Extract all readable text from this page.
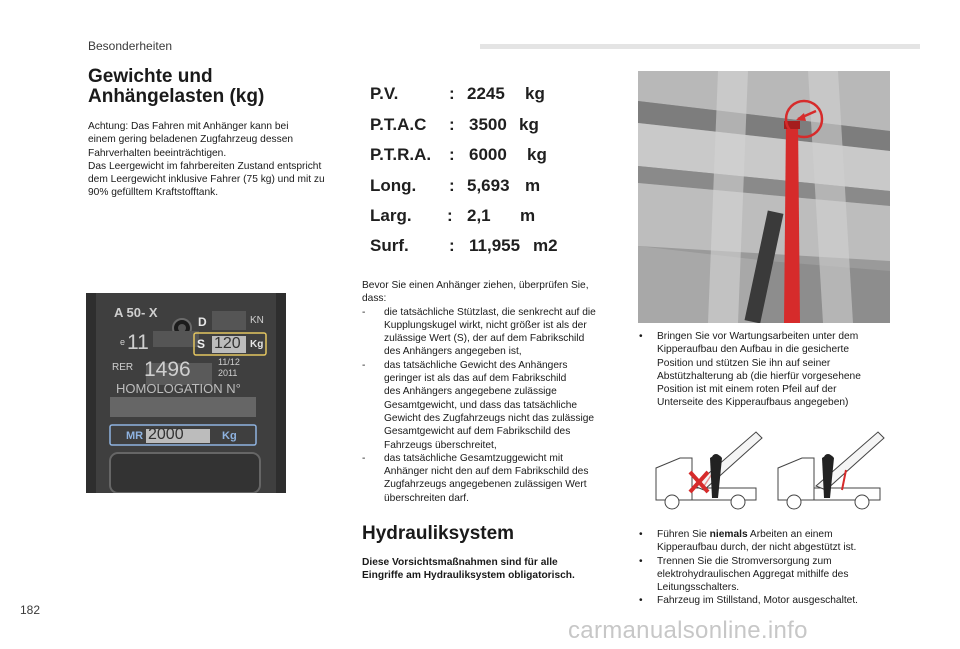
Besonderheiten
Gewichte und
Anhängelasten (kg)
Achtung: Das Fahren mit Anhänger kann bei
einem gering beladenen Zugfahrzeug dessen
Fahrverhalten beeinträchtigen.
Das Leergewicht im fahrbereiten Zustand entspricht
dem Leergewicht inklusive Fahrer (75 kg) und mit zu
90% gefülltem Kraftstofftank.
P.V.	: 2245 kg
P.T.A.C : 3500 kg
P.T.R.A. : 6000 kg
Long. : 5,693 m
Larg. : 2,1 m
Surf. : 11,955 m2
A 50- X
D	KN
e 11	S 120 Kg
RER 1496	11/12
2011
HOMOLOGATION N°
MR 2000	Kg
Bevor Sie einen Anhänger ziehen, überprüfen Sie, dass:
- die tatsächliche Stützlast, die senkrecht auf die
Kupplungskugel wirkt, nicht größer ist als der
zulässige Wert (S), der auf dem Fabrikschild
des Anhängers angegeben ist,
- das tatsächliche Gewicht des Anhängers
geringer ist als das auf dem Fabrikschild
des Anhängers angegebene zulässige
Gesamtgewicht, und dass das tatsächliche
Gewicht des Zugfahrzeugs nicht das zulässige
Gesamtgewicht auf dem Fabrikschild des
Fahrzeugs überschreitet,
- das tatsächliche Gesamtzuggewicht mit
Anhänger nicht den auf dem Fabrikschild des
Zugfahrzeugs angegebenen zulässigen Wert
überschreiten darf.
Hydrauliksystem
Diese Vorsichtsmaßnahmen sind für alle
Eingriffe am Hydrauliksystem obligatorisch.
• Bringen Sie vor Wartungsarbeiten unter dem
Kipperaufbau den Aufbau in die gesicherte
Position und stützen Sie ihn auf seiner
Abstützhalterung ab (die hierfür vorgesehene
Position ist mit einem roten Pfeil auf der
Unterseite des Kipperaufbaus angegeben)
• Führen Sie niemals Arbeiten an einem
Kipperaufbau durch, der nicht abgestützt ist.
• Trennen Sie die Stromversorgung zum
elektrohydraulischen Aggregat mithilfe des
Leitungsschalters.
• Fahrzeug im Stillstand, Motor ausgeschaltet.
182
carmanualsonline.info
